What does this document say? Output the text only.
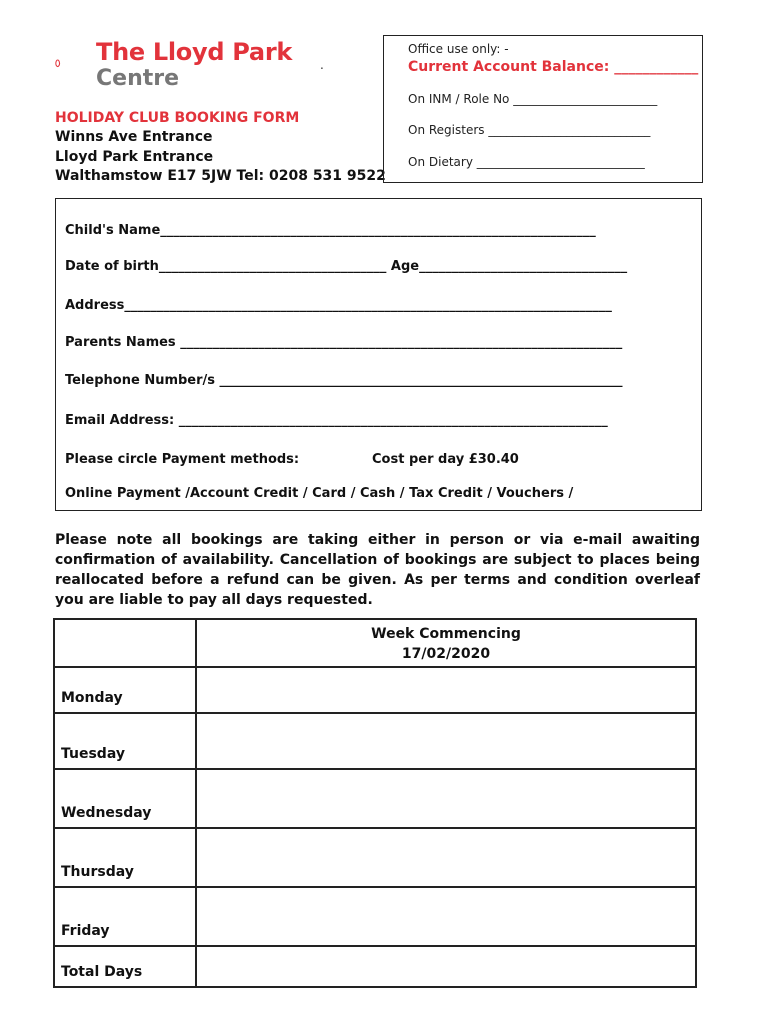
The Lloyd Park
Centre
.
HOLIDAY CLUB BOOKING FORM
Winns Ave Entrance
Lloyd Park Entrance
Walthamstow E17 5JW Tel: 0208 531 9522
Office use only: -
Current Account Balance: ____________
On INM / Role No ________________________
On Registers ___________________________
On Dietary ____________________________
Child's Name___________________________________________________________________
Date of birth___________________________________ Age________________________________
Address___________________________________________________________________________
Parents Names ____________________________________________________________________
Telephone Number/s ______________________________________________________________
Email Address: __________________________________________________________________
Please circle Payment methods:	Cost per day £30.40
Online Payment /Account Credit / Card / Cash / Tax Credit / Vouchers /
Please note all bookings are taking either in person or via e-mail awaiting confirmation of availability. Cancellation of bookings are subject to places being reallocated before a refund can be given. As per terms and condition overleaf you are liable to pay all days requested.

	Week Commencing
17/02/2020

Monday	
Tuesday	
Wednesday	
Thursday	
Friday	
Total Days	
